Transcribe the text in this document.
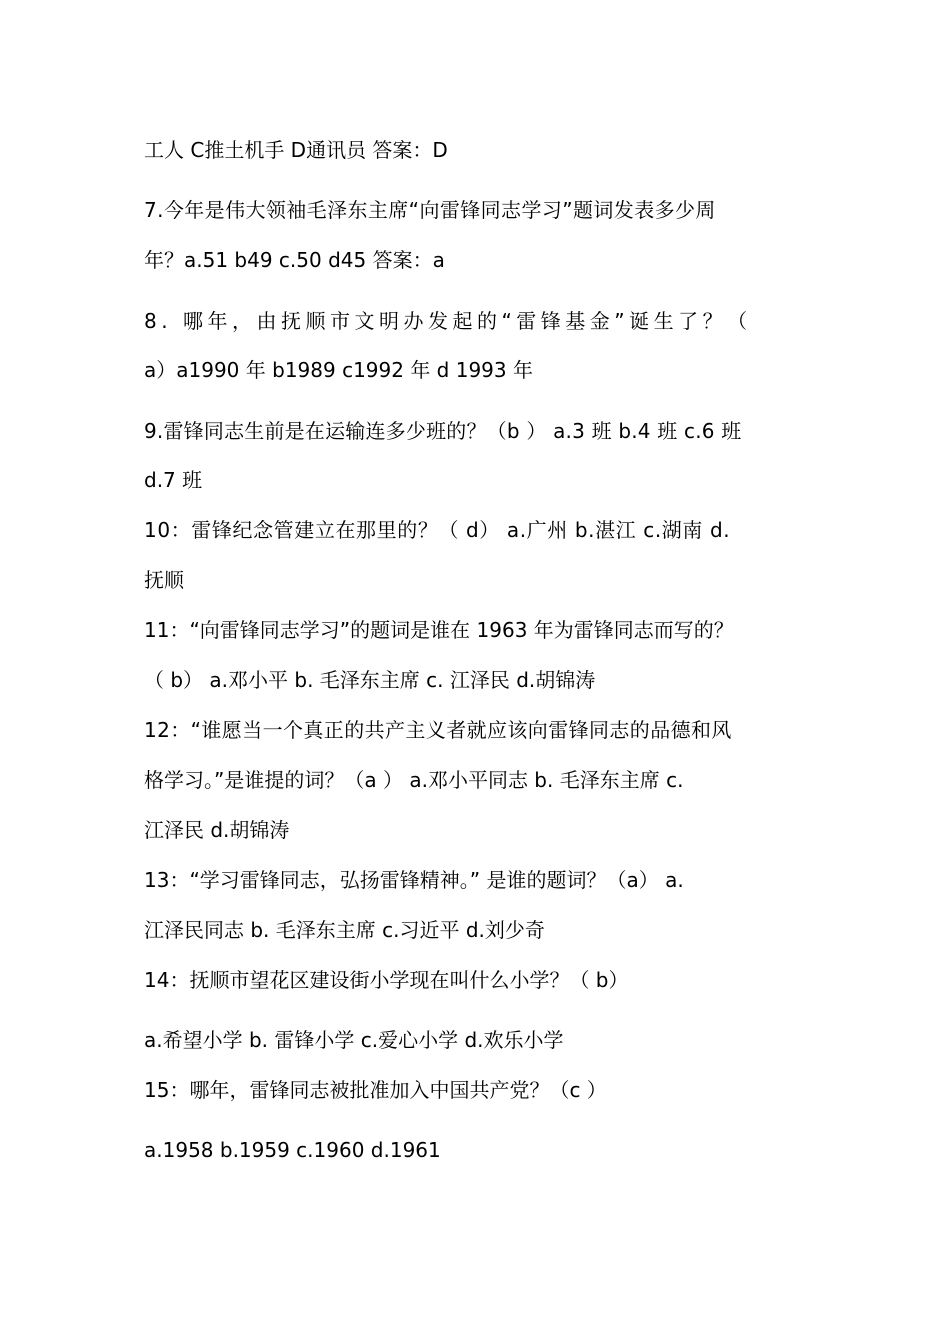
工人 C推土机手 D通讯员 答案：D
7.今年是伟大领袖毛泽东主席“向雷锋同志学习”题词发表多少周
年？a.51 b49 c.50 d45 答案：a
8. 哪年，由抚顺市文明办发起的“雷锋基金”诞生了？（
a）a1990 年 b1989 c1992 年 d 1993 年
9.雷锋同志生前是在运输连多少班的？（b ） a.3 班 b.4 班 c.6 班
d.7 班
10：雷锋纪念管建立在那里的？（ d） a.广州 b.湛江 c.湖南 d.
抚顺
11：“向雷锋同志学习”的题词是谁在 1963 年为雷锋同志而写的？
（ b） a.邓小平 b. 毛泽东主席 c. 江泽民 d.胡锦涛
12：“谁愿当一个真正的共产主义者就应该向雷锋同志的品德和风
格学习。”是谁提的词？（a ） a.邓小平同志 b. 毛泽东主席 c.
江泽民 d.胡锦涛
13：“学习雷锋同志，弘扬雷锋精神。” 是谁的题词？（a） a.
江泽民同志 b. 毛泽东主席 c.习近平 d.刘少奇
14：抚顺市望花区建设街小学现在叫什么小学？（ b）
a.希望小学 b. 雷锋小学 c.爱心小学 d.欢乐小学
15：哪年，雷锋同志被批准加入中国共产党？（c ）
a.1958 b.1959 c.1960 d.1961
